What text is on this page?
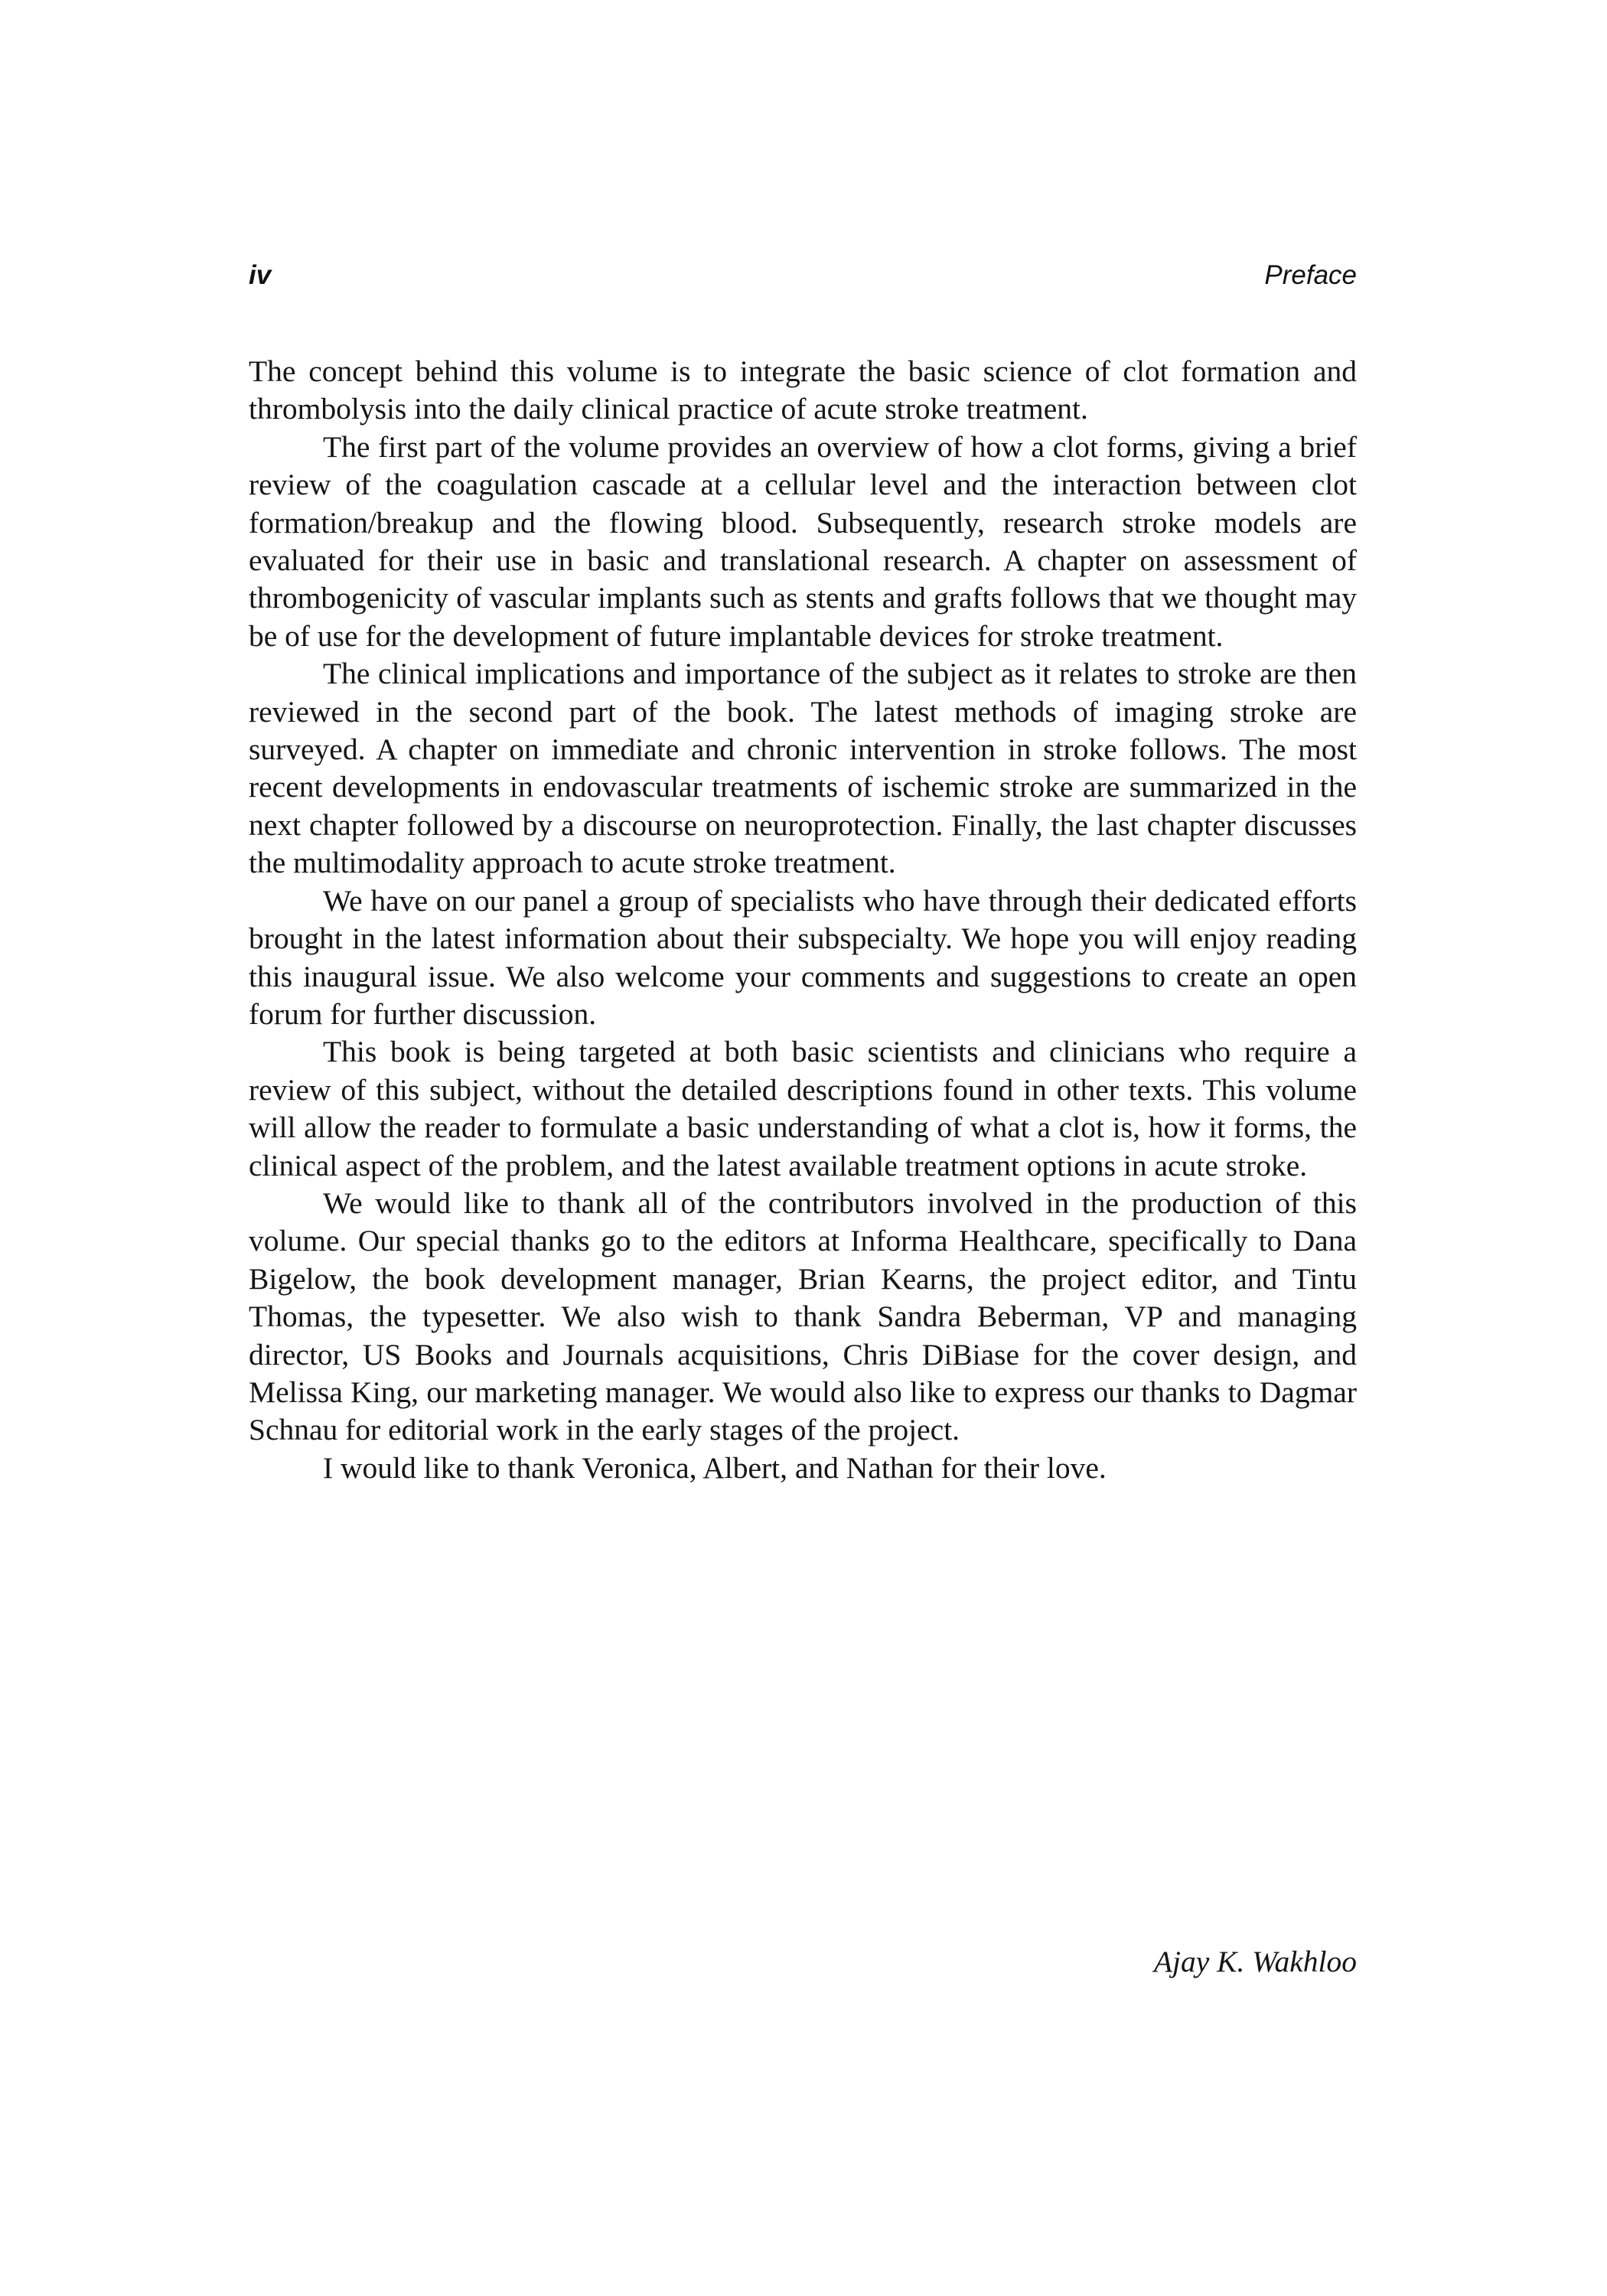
iv	Preface

The concept behind this volume is to integrate the basic science of clot formation and thrombolysis into the daily clinical practice of acute stroke treatment.

The first part of the volume provides an overview of how a clot forms, giving a brief review of the coagulation cascade at a cellular level and the interaction between clot formation/breakup and the flowing blood. Subsequently, research stroke models are evaluated for their use in basic and translational research. A chapter on assessment of thrombogenicity of vascular implants such as stents and grafts follows that we thought may be of use for the development of future implantable devices for stroke treatment.

The clinical implications and importance of the subject as it relates to stroke are then reviewed in the second part of the book. The latest methods of imaging stroke are surveyed. A chapter on immediate and chronic intervention in stroke follows. The most recent developments in endovascular treatments of ischemic stroke are summarized in the next chapter followed by a discourse on neuroprotection. Finally, the last chapter discusses the multimodality approach to acute stroke treatment.

We have on our panel a group of specialists who have through their dedicated efforts brought in the latest information about their subspecialty. We hope you will enjoy reading this inaugural issue. We also welcome your comments and suggestions to create an open forum for further discussion.

This book is being targeted at both basic scientists and clinicians who require a review of this subject, without the detailed descriptions found in other texts. This volume will allow the reader to formulate a basic understanding of what a clot is, how it forms, the clinical aspect of the problem, and the latest available treatment options in acute stroke.

We would like to thank all of the contributors involved in the production of this volume. Our special thanks go to the editors at Informa Healthcare, specifically to Dana Bigelow, the book development manager, Brian Kearns, the project editor, and Tintu Thomas, the typesetter. We also wish to thank Sandra Beberman, VP and managing director, US Books and Journals acquisitions, Chris DiBiase for the cover design, and Melissa King, our marketing manager. We would also like to express our thanks to Dagmar Schnau for editorial work in the early stages of the project.

I would like to thank Veronica, Albert, and Nathan for their love.

Ajay K. Wakhloo
